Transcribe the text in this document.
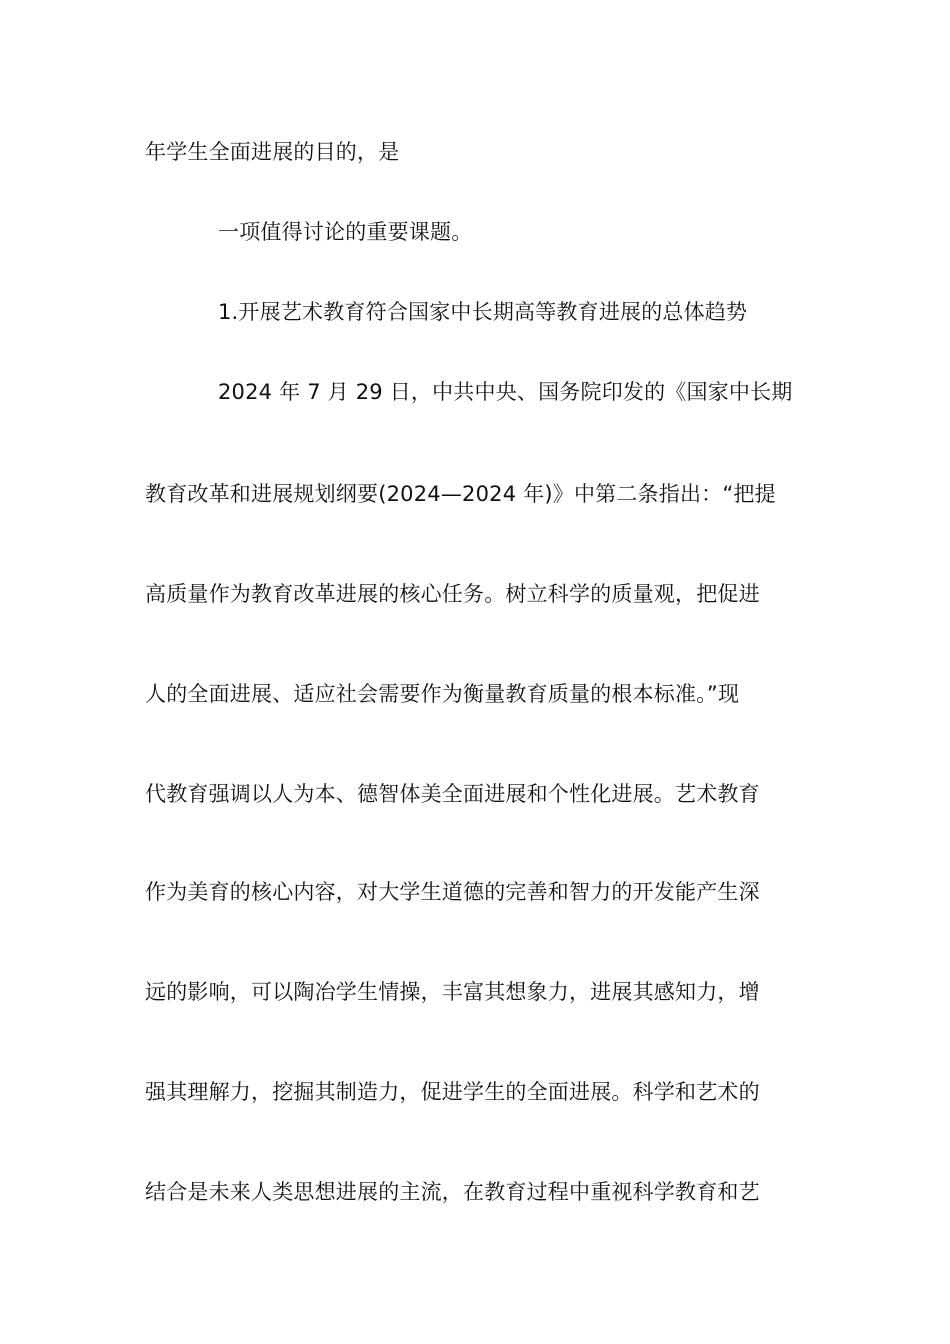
年学生全面进展的目的，是
一项值得讨论的重要课题。
1.开展艺术教育符合国家中长期高等教育进展的总体趋势
2024 年 7 月 29 日，中共中央、国务院印发的《国家中长期
教育改革和进展规划纲要(2024—2024 年)》中第二条指出：“把提
高质量作为教育改革进展的核心任务。树立科学的质量观，把促进
人的全面进展、适应社会需要作为衡量教育质量的根本标准。”现
代教育强调以人为本、德智体美全面进展和个性化进展。艺术教育
作为美育的核心内容，对大学生道德的完善和智力的开发能产生深
远的影响，可以陶冶学生情操，丰富其想象力，进展其感知力，增
强其理解力，挖掘其制造力，促进学生的全面进展。科学和艺术的
结合是未来人类思想进展的主流，在教育过程中重视科学教育和艺
